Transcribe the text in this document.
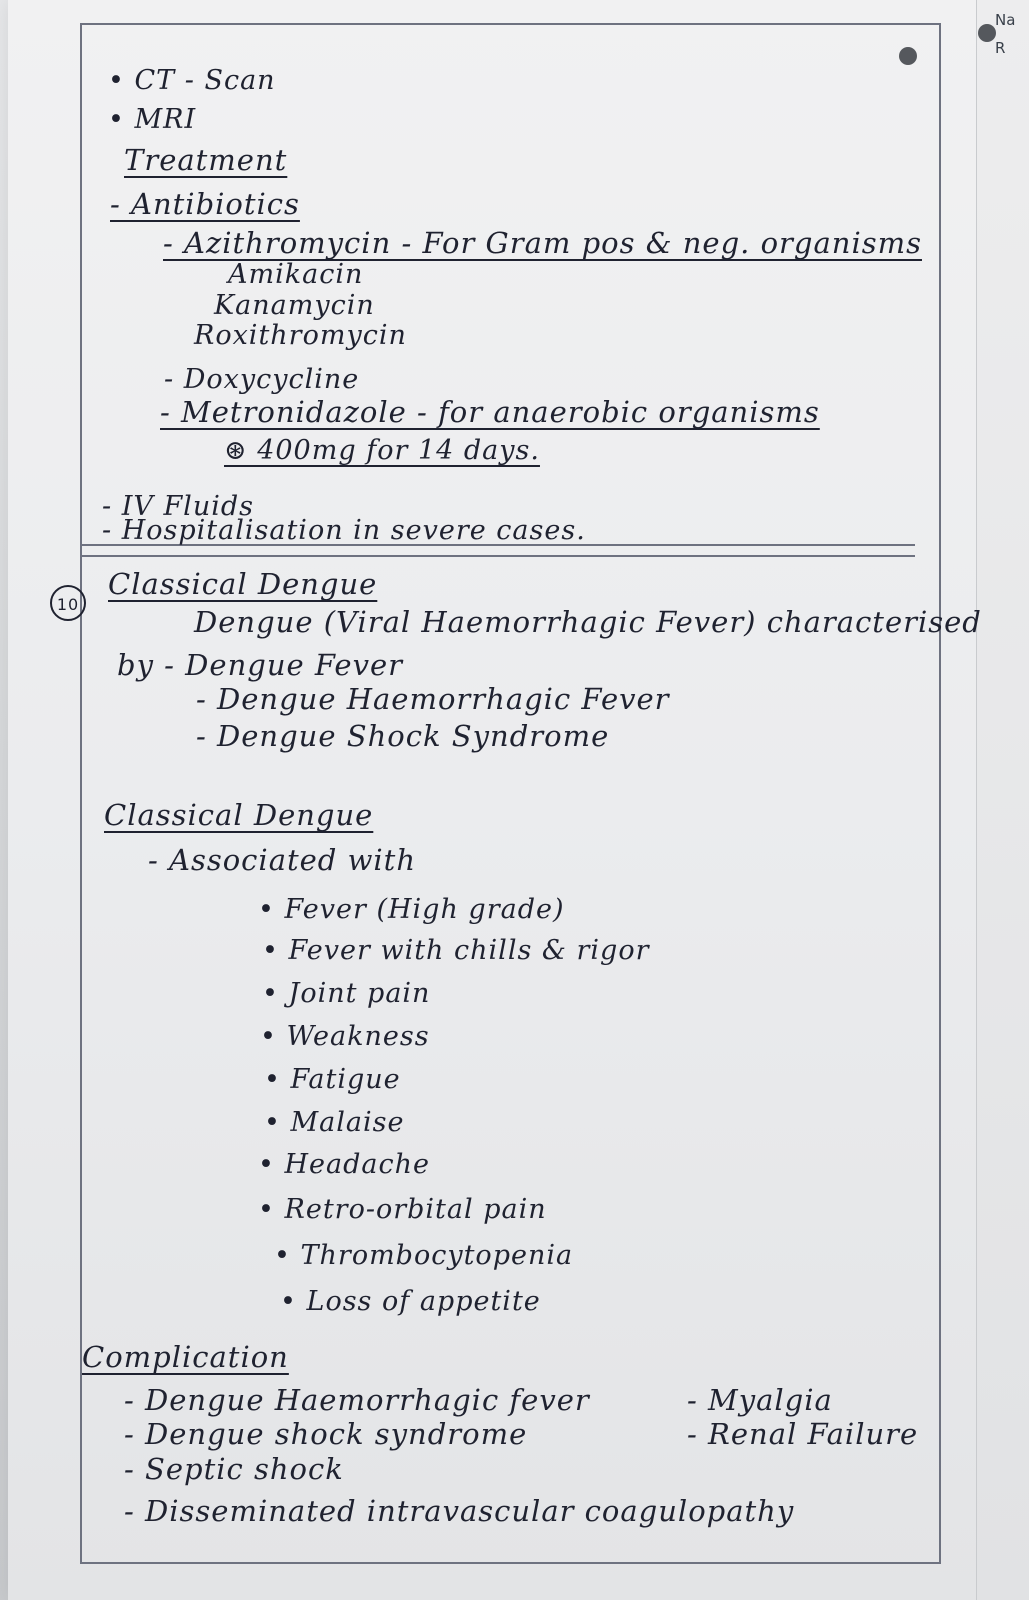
Na
R
• CT - Scan
• MRI
Treatment
- Antibiotics
- Azithromycin - For Gram pos & neg. organisms
Amikacin
Kanamycin
Roxithromycin
- Doxycycline
- Metronidazole - for anaerobic organisms
⊛ 400mg for 14 days.
- IV Fluids
- Hospitalisation in severe cases.
10
Classical Dengue
Dengue (Viral Haemorrhagic Fever) characterised
by - Dengue Fever
- Dengue Haemorrhagic Fever
- Dengue Shock Syndrome
Classical Dengue
- Associated with
• Fever (High grade)
• Fever with chills & rigor
• Joint pain
• Weakness
• Fatigue
• Malaise
• Headache
• Retro-orbital pain
• Thrombocytopenia
• Loss of appetite
Complication
- Dengue Haemorrhagic fever
- Dengue shock syndrome
- Septic shock
- Disseminated intravascular coagulopathy
- Myalgia
- Renal Failure
